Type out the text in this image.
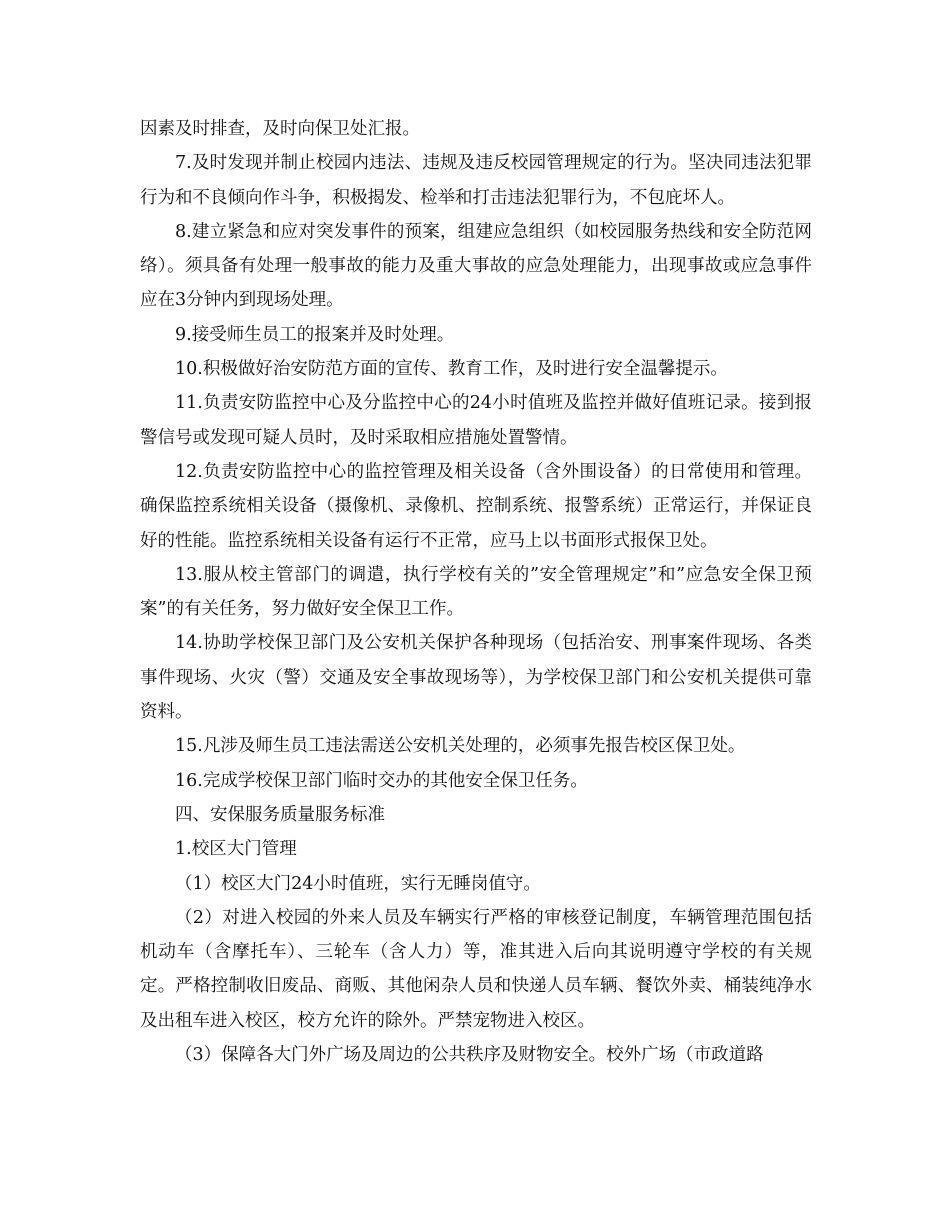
因素及时排查，及时向保卫处汇报。

7.及时发现并制止校园内违法、违规及违反校园管理规定的行为。坚决同违法犯罪行为和不良倾向作斗争，积极揭发、检举和打击违法犯罪行为，不包庇坏人。

8.建立紧急和应对突发事件的预案，组建应急组织（如校园服务热线和安全防范网络）。须具备有处理一般事故的能力及重大事故的应急处理能力，出现事故或应急事件应在3分钟内到现场处理。

9.接受师生员工的报案并及时处理。

10.积极做好治安防范方面的宣传、教育工作，及时进行安全温馨提示。

11.负责安防监控中心及分监控中心的24小时值班及监控并做好值班记录。接到报警信号或发现可疑人员时，及时采取相应措施处置警情。

12.负责安防监控中心的监控管理及相关设备（含外围设备）的日常使用和管理。确保监控系统相关设备（摄像机、录像机、控制系统、报警系统）正常运行，并保证良好的性能。监控系统相关设备有运行不正常，应马上以书面形式报保卫处。

13.服从校主管部门的调遣，执行学校有关的”安全管理规定”和”应急安全保卫预案”的有关任务，努力做好安全保卫工作。

14.协助学校保卫部门及公安机关保护各种现场（包括治安、刑事案件现场、各类事件现场、火灾（警）交通及安全事故现场等），为学校保卫部门和公安机关提供可靠资料。

15.凡涉及师生员工违法需送公安机关处理的，必须事先报告校区保卫处。

16.完成学校保卫部门临时交办的其他安全保卫任务。

四、安保服务质量服务标准

1.校区大门管理

（1）校区大门24小时值班，实行无睡岗值守。

（2）对进入校园的外来人员及车辆实行严格的审核登记制度，车辆管理范围包括机动车（含摩托车）、三轮车（含人力）等，准其进入后向其说明遵守学校的有关规定。严格控制收旧废品、商贩、其他闲杂人员和快递人员车辆、餐饮外卖、桶装纯净水及出租车进入校区，校方允许的除外。严禁宠物进入校区。

（3）保障各大门外广场及周边的公共秩序及财物安全。校外广场（市政道路
